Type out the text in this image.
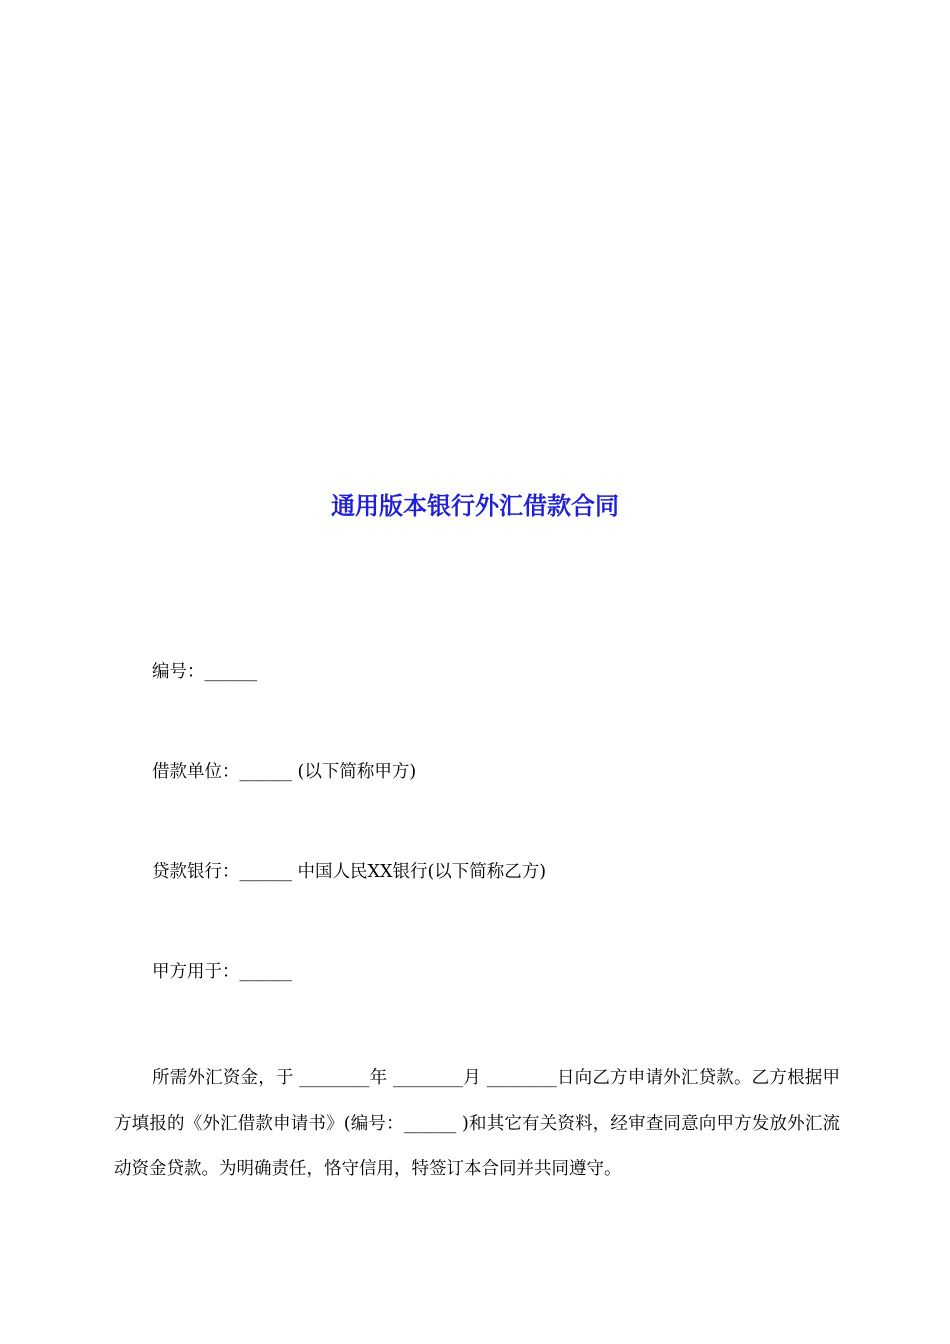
通用版本银行外汇借款合同
编号：______
借款单位：______ (以下简称甲方)
贷款银行：______ 中国人民XX银行(以下简称乙方)
甲方用于：______

所需外汇资金，于 ________年 ________月 ________日向乙方申请外汇贷款。乙方根据甲方填报的《外汇借款申请书》(编号：______ )和其它有关资料，经审查同意向甲方发放外汇流动资金贷款。为明确责任，恪守信用，特签订本合同并共同遵守。
